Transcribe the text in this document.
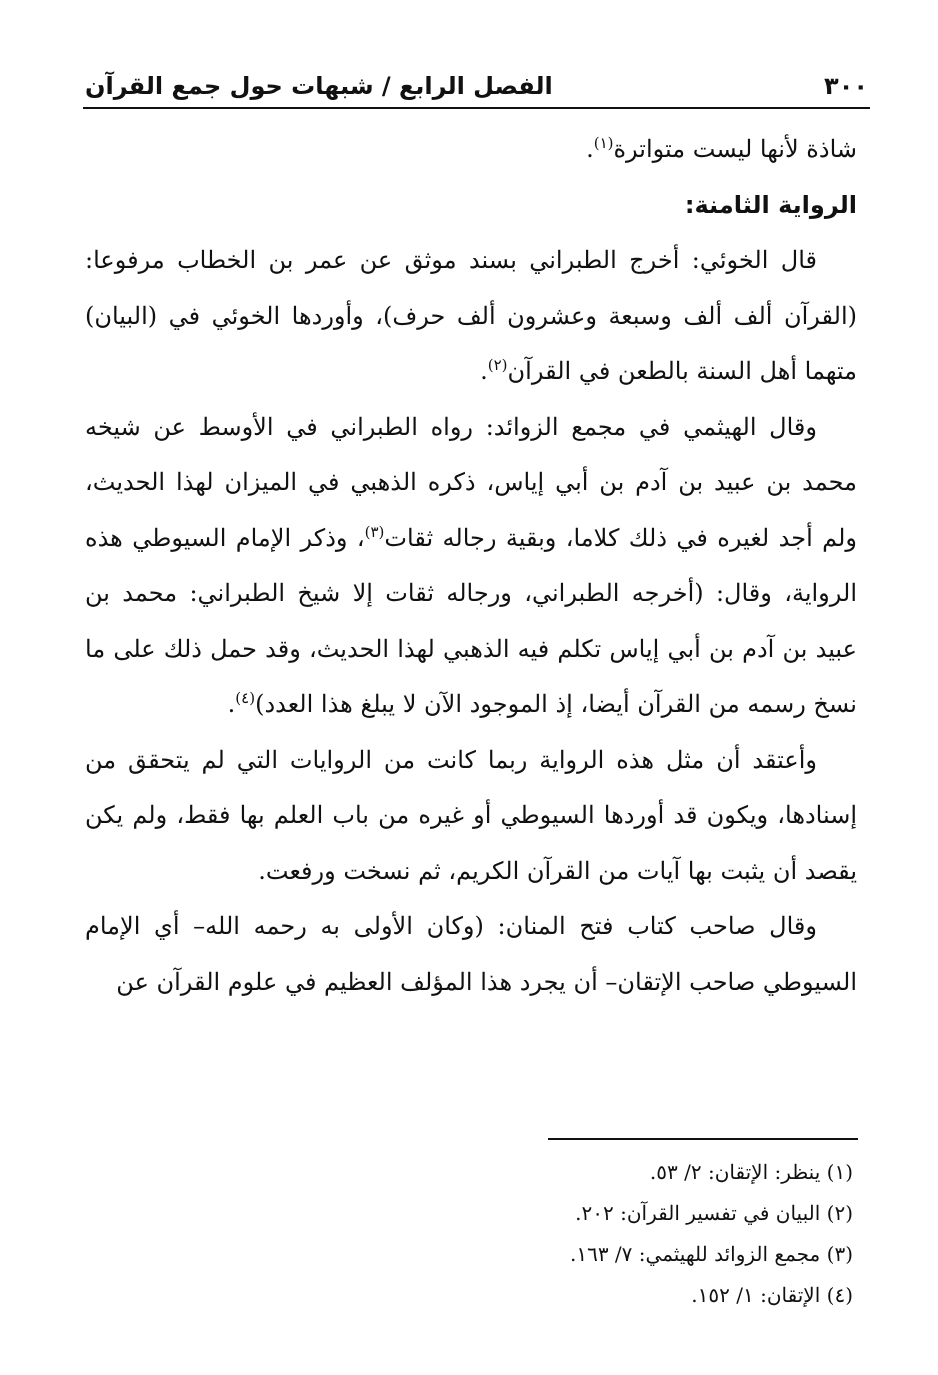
٣٠٠
الفصل الرابع / شبهات حول جمع القرآن

شاذة لأنها ليست متواترة$^{(١)}$.

الرواية الثامنة:

قال الخوئي: أخرج الطبراني بسند موثق عن عمر بن الخطاب مرفوعا: (القرآن ألف ألف وسبعة وعشرون ألف حرف)، وأوردها الخوئي في (البيان) متهما أهل السنة بالطعن في القرآن$^{(٢)}$.

وقال الهيثمي في مجمع الزوائد: رواه الطبراني في الأوسط عن شيخه محمد بن عبيد بن آدم بن أبي إياس، ذكره الذهبي في الميزان لهذا الحديث، ولم أجد لغيره في ذلك كلاما، وبقية رجاله ثقات$^{(٣)}$، وذكر الإمام السيوطي هذه الرواية، وقال: (أخرجه الطبراني، ورجاله ثقات إلا شيخ الطبراني: محمد بن عبيد بن آدم بن أبي إياس تكلم فيه الذهبي لهذا الحديث، وقد حمل ذلك على ما نسخ رسمه من القرآن أيضا، إذ الموجود الآن لا يبلغ هذا العدد)$^{(٤)}$.

وأعتقد أن مثل هذه الرواية ربما كانت من الروايات التي لم يتحقق من إسنادها، ويكون قد أوردها السيوطي أو غيره من باب العلم بها فقط، ولم يكن يقصد أن يثبت بها آيات من القرآن الكريم، ثم نسخت ورفعت.

وقال صاحب كتاب فتح المنان: (وكان الأولى به رحمه الله– أي الإمام السيوطي صاحب الإتقان– أن يجرد هذا المؤلف العظيم في علوم القرآن عن

(١) ينظر: الإتقان: ٢/ ٥٣.
(٢) البيان في تفسير القرآن: ٢٠٢.
(٣) مجمع الزوائد للهيثمي: ٧/ ١٦٣.
(٤) الإتقان: ١/ ١٥٢.
